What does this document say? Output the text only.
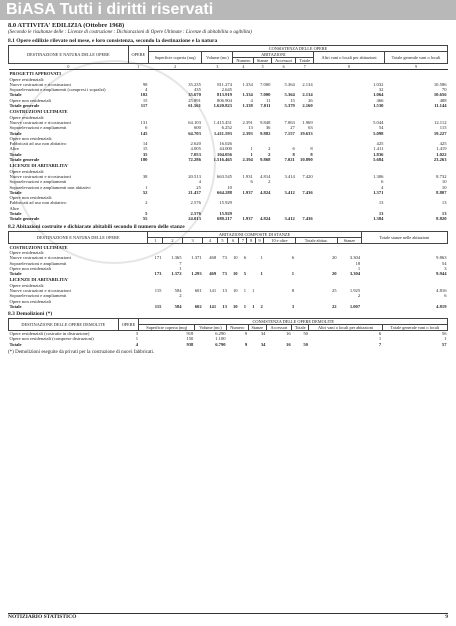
BiASA Tutti i diritti riservati
8.0 ATTIVITA' EDILIZIA (Ottobre 1968)
(Secondo le risultanze delle : Licenze di costruzione : Dichiarazioni di Opere Ultimate : Licenze di abitabilita o agibilita)
8.1 Opere edilizie rilevate nel mese, e loro consistenza, secondo la destinazione e la natura
DESTINAZIONE E NATURA DELLE OPERE	OPERE	CONSISTENZA DELLE OPERE							
		Superficie coperta (mq)	Volume (mc)	ABITAZIONI				Altri vani o locali per abitazioni	Totale generale vani o locali
				Numero	Stanze	Accessori	Totale		
0	1	2	3	4	5	6	7	8	9
PROGETTI APPROVATI									
Opere residenziali:									
Nuove costruzioni e ricostruzioni	98	35.235	811.274	1.334	7.000	5.364	2.134	1.032	10.586
Sopraelevazioni e ampliamenti (compresi i sopralzi)	4	435	2.645					32	70
Totale	102	35.670	813.919	1.334	7.000	5.364	2.134	1.064	10.656
Opere non residenziali	15	25.891	806.904	4	11	15	26	466	488
Totale generale	117	61.561	1.620.823	1.338	7.011	5.379	2.160	1.530	11.144
COSTRUZIONI ULTIMATE									
Opere residenziali:									
Nuove costruzioni e ricostruzioni	131	64.103	1.415.451	2.391	9.848	7.063	1.969	5.044	12.112
Sopraelevazioni e ampliamenti	6	600	6.252	13	36	27	63	54	115
Totale	145	64.703	1.411.593	2.393	9.882	7.157	19.633	5.098	19.227
Opere non residenziali:									
Fabbricati ad uso non abitativo	14	2.620	16.026					425	425
Altre	15	4.005	44.000	1	2	6	8	1.411	1.419
Totale	35	7.053	104.056	1	2	8	8	1.836	1.022
Totale generale	180	72.286	1.516.465	2.394	9.868	7.021	10.890	5.684	23.263
LICENZE DI ABITABILITA'									
Opere residenziali:									
Nuove costruzioni e ricostruzioni	38	20.513	663.545	1.931	4.814	3.414	7.420	1.306	8.732
Sopraelevazioni e ampliamenti		4		6	2			6	10
Sopraelevazioni e ampliamenti non abitativi	1	25	10					4	10
Totale	52	21.437	664.288	1.937	4.824	3.412	7.436	1.371	8.807
Opere non residenziali:									
Fabbricati ad uso non abitativo	2	2.576	15.929					13	13
Altre									
Totale	5	2.576	15.929					13	13
Totale generale	55	24.013	680.217	1.937	4.824	3.412	7.436	1.384	8.820
8.2 Abitazioni costruite e dichiarate abitabili secondo il numero delle stanze
DESTINAZIONE E NATURA DELLE OPERE	ABITAZIONI COMPOSTE DI STANZE												Totale stanze nelle abitazioni
	1	2	3	4	5	6	7	8	9	10 e oltre	Totale abitaz.	Stanze	
COSTRUZIONI ULTIMATE													
Opere residenziali:													
Nuove costruzioni e ricostruzioni	171	1.365	1.371	468	73	10	6		1	6	20	3.304	9.863
Sopraelevazioni e ampliamenti		7										18	54
Opere non residenziali		1										1	3
Totale	173	1.372	1.293	469	73	10	5		1	1	20	3.304	9.944
LICENZE DI ABITABILITA'													
Opere residenziali:													
Nuove costruzioni e ricostruzioni	115	584	601	141	13	10	1	1		8	25	1.925	4.816
Sopraelevazioni e ampliamenti		2										2	6
Opere non residenziali													
Totale	115	584	602	141	13	10	1	1	2	3	22	1.007	4.819
8.3 Demolizioni (*)
DESTINAZIONE DELLE OPERE DEMOLITE	OPERE	CONSISTENZA DELLE OPERE DEMOLITE							
		Superficie coperta (mq)	Volume (mc)	Numero	Stanze	Accessori	Totale	Altri vani o locali per abitazioni	Totale generale vani o locali
Opere residenziali (costruite in distruzione)	3	918	6.290	9	34	16	50	6	56
Opere non residenziali (comprese distruzioni)	1	150	1.100					1	1
Totale	4	938	6.790	9	34	16	50	7	57
(*) Demolizioni eseguite da privati per la costruzione di nuovi fabbricati.
NOTIZIARIO STATISTICO	9
